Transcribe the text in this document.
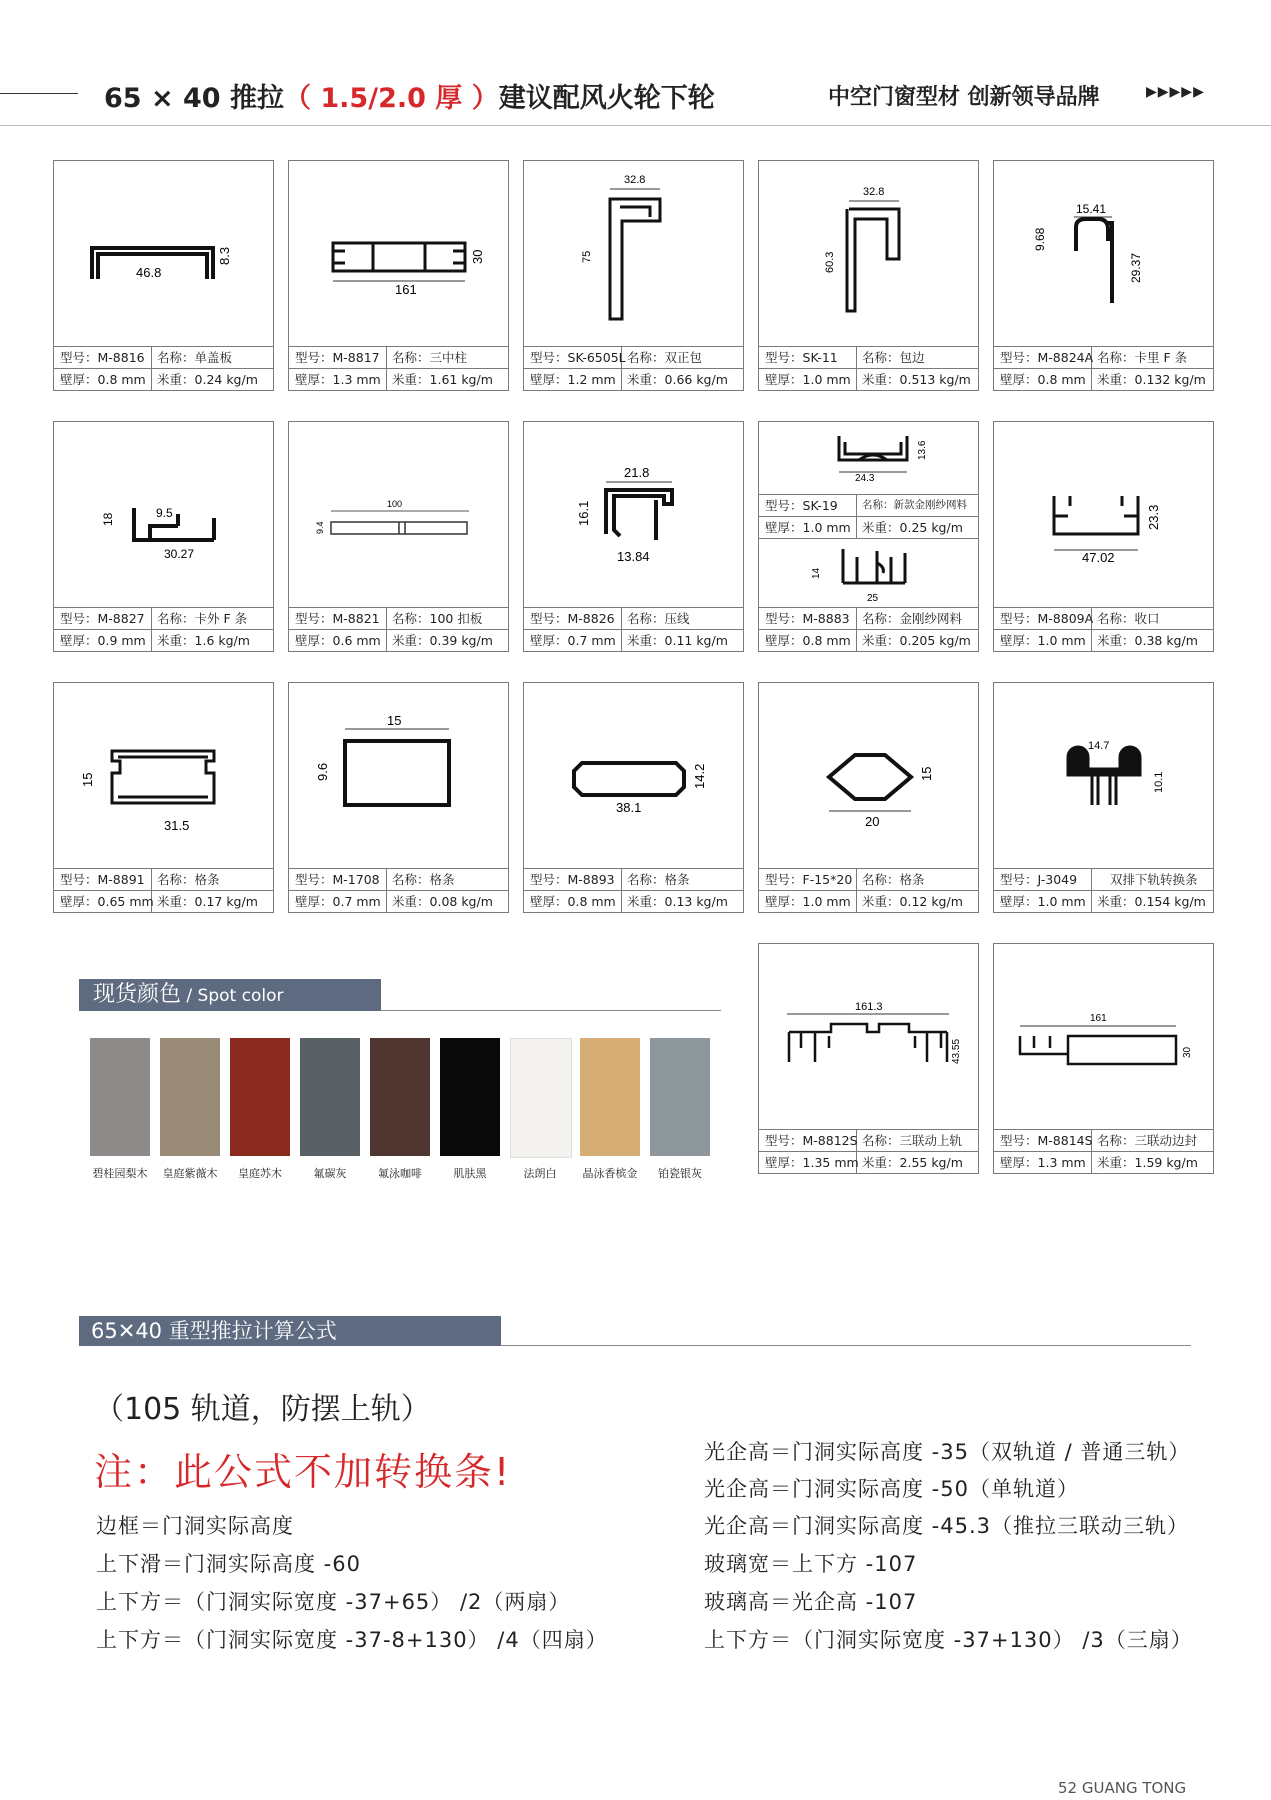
65 × 40 推拉（ 1.5/2.0 厚 ）建议配风火轮下轮	中空门窗型材 创新领导品牌	▶▶▶▶▶
46.8
8.3
型号：M-8816 名称：单盖板
壁厚：0.8 mm 米重：0.24 kg/m
161
30
型号：M-8817 名称：三中柱
壁厚：1.3 mm 米重：1.61 kg/m
32.8
75
型号：SK-6505L 名称：双正包
壁厚：1.2 mm 米重：0.66 kg/m
32.8
60.3
型号：SK-11 名称：包边
壁厚：1.0 mm 米重：0.513 kg/m
15.41
9.68
29.37
型号：M-8824A 名称：卡里 F 条
壁厚：0.8 mm 米重：0.132 kg/m
9.5
18
30.27
型号：M-8827 名称：卡外 F 条
壁厚：0.9 mm 米重：1.6 kg/m
100
9.4
型号：M-8821 名称：100 扣板
壁厚：0.6 mm 米重：0.39 kg/m
21.8
16.1
13.84
型号：M-8826 名称：压线
壁厚：0.7 mm 米重：0.11 kg/m
24.3
13.6
型号：SK-19 名称：新款金刚纱网料
壁厚：1.0 mm 米重：0.25 kg/m
14
25
型号：M-8883 名称：金刚纱网料
壁厚：0.8 mm 米重：0.205 kg/m
47.02
23.3
型号：M-8809A 名称：收口
壁厚：1.0 mm 米重：0.38 kg/m
15
31.5
型号：M-8891 名称：格条
壁厚：0.65 mm 米重：0.17 kg/m
15
9.6
型号：M-1708 名称：格条
壁厚：0.7 mm 米重：0.08 kg/m
38.1
14.2
型号：M-8893 名称：格条
壁厚：0.8 mm 米重：0.13 kg/m
20
15
型号：F-15*20 名称：格条
壁厚：1.0 mm 米重：0.12 kg/m
14.7
10.1
型号：J-3049	双排下轨转换条
壁厚：1.0 mm 米重：0.154 kg/m
161.3
43.55
型号：M-8812S 名称：三联动上轨
壁厚：1.35 mm 米重：2.55 kg/m
161
30
型号：M-8814S 名称：三联动边封
壁厚：1.3 mm 米重：1.59 kg/m
现货颜色 / Spot color
碧桂园梨木	皇庭紫薇木	皇庭苏木	氟碳灰	氟泳咖啡	肌肤黑	法朗白	晶泳香槟金	铂瓷银灰
65✕40 重型推拉计算公式
（105 轨道，防摆上轨）
注：此公式不加转换条!
边框＝门洞实际高度
上下滑＝门洞实际高度 -60
上下方＝（门洞实际宽度 -37+65） /2（两扇）
上下方＝（门洞实际宽度 -37-8+130） /4（四扇）
光企高＝门洞实际高度 -35（双轨道 / 普通三轨）
光企高＝门洞实际高度 -50（单轨道）
光企高＝门洞实际高度 -45.3（推拉三联动三轨）
玻璃宽＝上下方 -107
玻璃高＝光企高 -107
上下方＝（门洞实际宽度 -37+130） /3（三扇）
52 GUANG TONG
